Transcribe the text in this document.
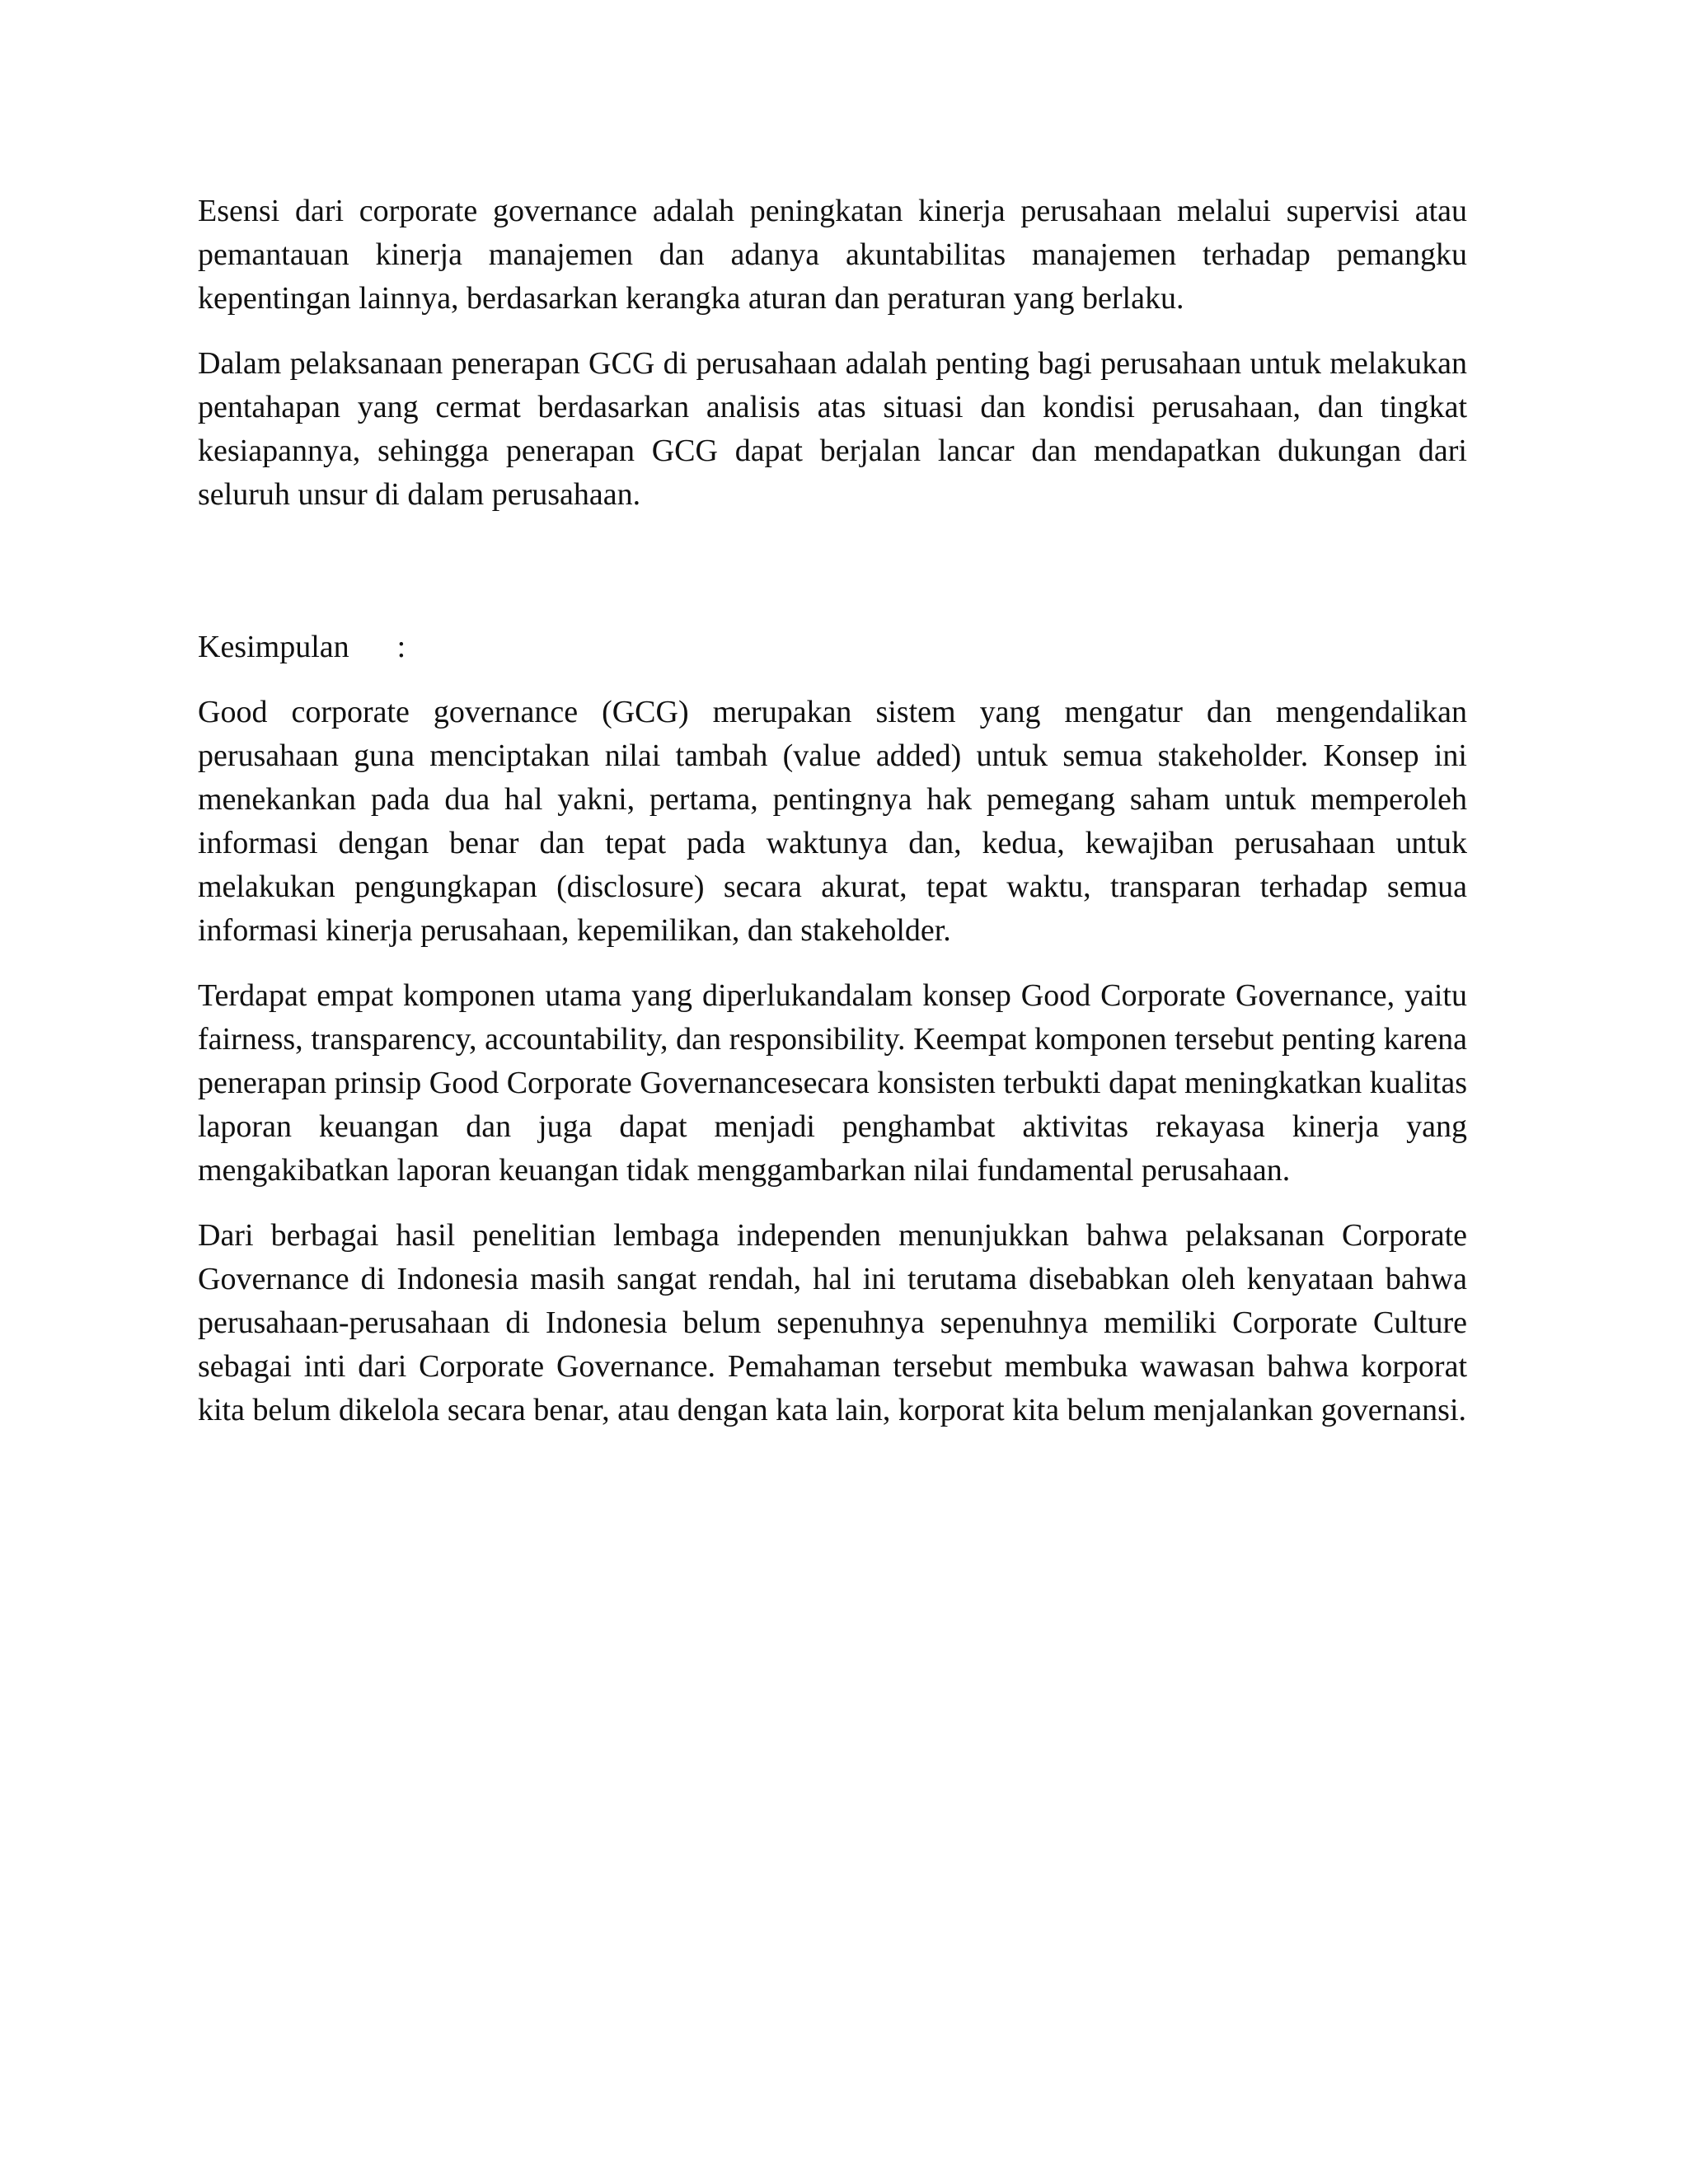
Esensi dari corporate governance adalah peningkatan kinerja perusahaan melalui supervisi atau pemantauan kinerja manajemen dan adanya akuntabilitas manajemen terhadap pemangku kepentingan lainnya, berdasarkan kerangka aturan dan peraturan yang berlaku.

Dalam pelaksanaan penerapan GCG di perusahaan adalah penting bagi perusahaan untuk melakukan pentahapan yang cermat berdasarkan analisis atas situasi dan kondisi perusahaan, dan tingkat kesiapannya, sehingga penerapan GCG dapat berjalan lancar dan mendapatkan dukungan dari seluruh unsur di dalam perusahaan.

Kesimpulan :

Good corporate governance (GCG) merupakan sistem yang mengatur dan mengendalikan perusahaan guna menciptakan nilai tambah (value added) untuk semua stakeholder. Konsep ini menekankan pada dua hal yakni, pertama, pentingnya hak pemegang saham untuk memperoleh informasi dengan benar dan tepat pada waktunya dan, kedua, kewajiban perusahaan untuk melakukan pengungkapan (disclosure) secara akurat, tepat waktu, transparan terhadap semua informasi kinerja perusahaan, kepemilikan, dan stakeholder.

Terdapat empat komponen utama yang diperlukandalam konsep Good Corporate Governance, yaitu fairness, transparency, accountability, dan responsibility. Keempat komponen tersebut penting karena penerapan prinsip Good Corporate Governancesecara konsisten terbukti dapat meningkatkan kualitas laporan keuangan dan juga dapat menjadi penghambat aktivitas rekayasa kinerja yang mengakibatkan laporan keuangan tidak menggambarkan nilai fundamental perusahaan.

Dari berbagai hasil penelitian lembaga independen menunjukkan bahwa pelaksanan Corporate Governance di Indonesia masih sangat rendah, hal ini terutama disebabkan oleh kenyataan bahwa perusahaan-perusahaan di Indonesia belum sepenuhnya sepenuhnya memiliki Corporate Culture sebagai inti dari Corporate Governance. Pemahaman tersebut membuka wawasan bahwa korporat kita belum dikelola secara benar, atau dengan kata lain, korporat kita belum menjalankan governansi.
